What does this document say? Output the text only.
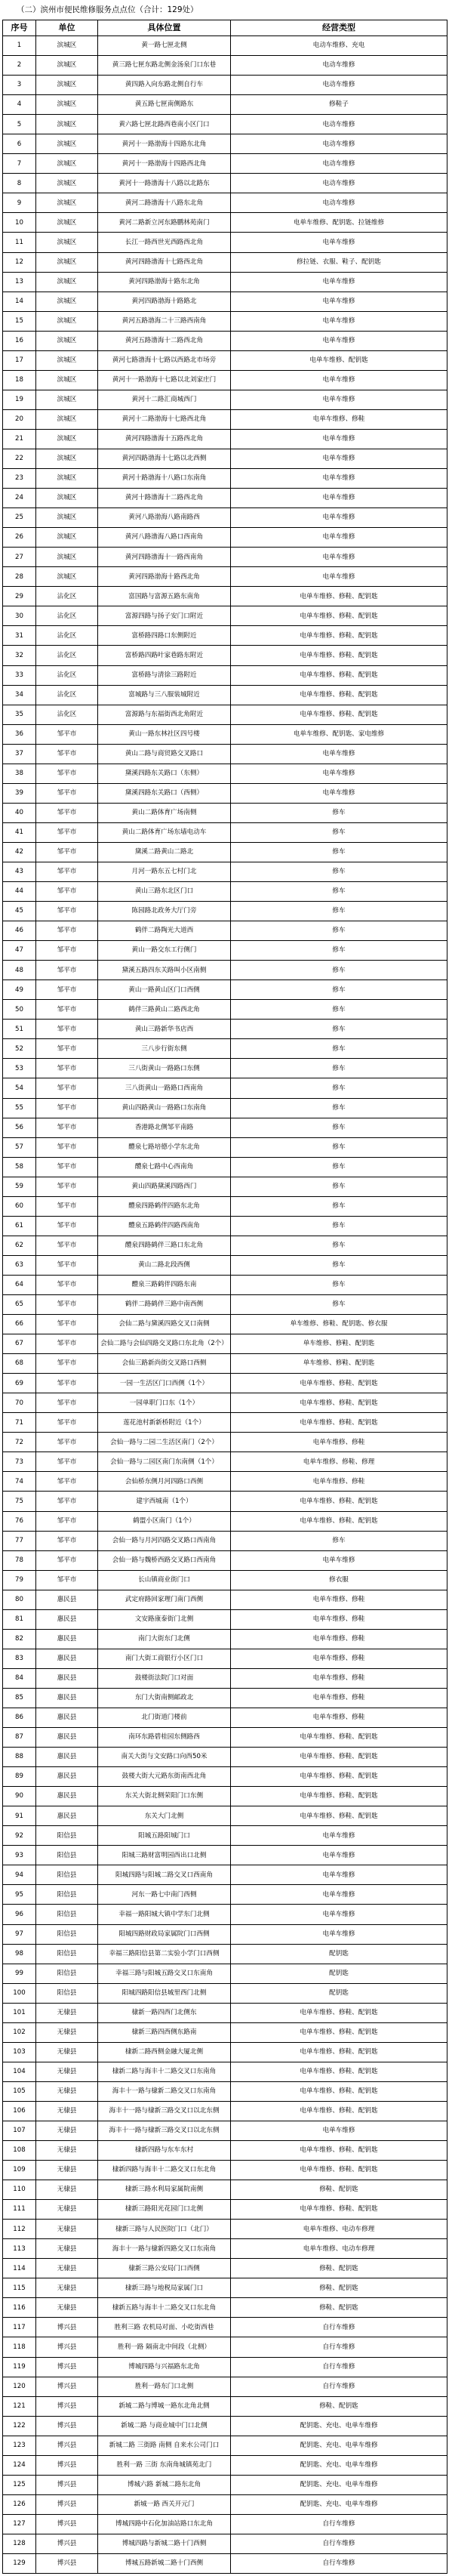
（二）滨州市便民维修服务点点位（合计：129处）
序号	单位	具体位置	经营类型
1	滨城区	黄一路七匣北侧	电动车维修、充电
2	滨城区	黄三路七匣东路北侧金汤泉门口东巷	电动车维修
3	滨城区	黄四路入向东路北侧自行车	电动车维修
4	滨城区	黄五路七匣南侧路东	修鞋子
5	滨城区	黄六路七匣北路西巷南小区门口	电动车维修
6	滨城区	黄河十一路渤海十四路东北角	电动车维修
7	滨城区	黄河十一路渤海十四路西北角	电动车维修
8	滨城区	黄河十一路渤海十八路以北路东	电动车维修
9	滨城区	黄河二路渤海十八路东北角	电动车维修
10	滨城区	黄河二路新立河东路鹏林苑南门	电单车维修、配钥匙、拉链维修
11	滨城区	长江一路西世光西路西北角	电单车维修
12	滨城区	黄河四路渤海十七路西北角	修拉链、衣服、鞋子、配钥匙
13	滨城区	黄河四路渤海十路东北角	电单车维修
14	滨城区	黄河四路渤海十路路北	电单车维修
15	滨城区	黄河五路渤海二十三路西南角	电单车维修
16	滨城区	黄河五路渤海十二路西北角	电单车维修
17	滨城区	黄河七路渤海十七路以西路北市场旁	电单车维修、配钥匙
18	滨城区	黄河十一路渤海十七路以北刘家庄门	电单车维修
19	滨城区	黄河十二路汇商城西门	电单车维修
20	滨城区	黄河十二路渤海十七路西北角	电单车维修、修鞋
21	滨城区	黄河四路渤海十五路西北角	电单车维修
22	滨城区	黄河四路渤海十七路以北西侧	电单车维修
23	滨城区	黄河十路渤海十八路口东南角	电单车维修
24	滨城区	黄河十路渤海十二路西北角	电单车维修
25	滨城区	黄河八路渤海八路南路西	电单车维修
26	滨城区	黄河八路渤海八路口西南角	电单车维修
27	滨城区	黄河四路渤海十一路西南角	电单车维修
28	滨城区	黄河四路渤海十路西北角	电单车维修
29	沾化区	富国路与富源五路东南角	电单车维修、修鞋、配钥匙
30	沾化区	富源四路与扬子安门口附近	电单车维修、修鞋、配钥匙
31	沾化区	富桥路四路口东侧附近	电单车维修、修鞋、配钥匙
32	沾化区	富桥路四路叶家巷路东附近	电单车维修、修鞋、配钥匙
33	沾化区	富桥路与清徐三路附近	电单车维修、修鞋、配钥匙
34	沾化区	富城路与三八服装城附近	电单车维修、修鞋、配钥匙
35	沾化区	富源路与东福街西北角附近	电单车维修、修鞋、配钥匙
36	邹平市	黄山一路东林社区四号楼	电单车维修、配钥匙、家电维修
37	邹平市	黄山二路与商贸路交叉路口	电单车维修
38	邹平市	黛溪四路东关路口（东侧）	电单车维修
39	邹平市	黛溪四路东关路口（西侧）	电单车维修
40	邹平市	黄山二路体育广场南侧	修车
41	邹平市	黄山二路体育广场东墙电动车	修车
42	邹平市	黛溪二路黄山二路北	修车
43	邹平市	月河一路东五七村门北	修车
44	邹平市	黄山三路东北区门口	修车
45	邹平市	陈园路北政务大厅门旁	修车
46	邹平市	鹤伴二路陶光大道西	修车
47	邹平市	黄山一路交东工行侧门	修车
48	邹平市	黛溪五路四东关路叫小区南侧	修车
49	邹平市	黄山一路黄山区门口西侧	修车
50	邹平市	鹤伴三路黄山二路西北角	修车
51	邹平市	黄山三路新华书店西	修车
52	邹平市	三八步行街东侧	修车
53	邹平市	三八街黄山一路路口东侧	修车
54	邹平市	三八街黄山一路路口西南角	修车
55	邹平市	黄山四路黄山一路路口东南角	修车
56	邹平市	香港路北侧邹平南路	修车
57	邹平市	醴泉七路培德小学东北角	修车
58	邹平市	醴泉七路中心西南角	修车
59	邹平市	黄山四路黛溪四路西门	修车
60	邹平市	醴泉四路鹤伴四路东北角	修车
61	邹平市	醴泉五路鹤伴四路西南角	修车
62	邹平市	醴泉四路鹤伴三路口东北角	修车
63	邹平市	黄山二路北段西侧	修车
64	邹平市	醴泉三路鹤伴四路东南	修车
65	邹平市	鹤伴二路鹤伴三路中南西侧	修车
66	邹平市	会仙二路与黛溪四路交叉口南侧	单车维修、修鞋、配钥匙、修衣服
67	邹平市	会仙二路与会仙四路交叉路口东北角（2个）	单车维修、修鞋、配钥匙
68	邹平市	会仙三路新尚街交叉路口西侧	单车维修、修鞋、配钥匙
69	邹平市	一园一生活区门口西侧（1个）	电单车维修、修鞋、配钥匙
70	邹平市	一园单职门口东（1个）	电单车维修、修鞋、配钥匙
71	邹平市	莲花池村新新桥附近（1个）	电单车维修、修鞋、配钥匙
72	邹平市	会仙一路与二园二生活区南门（2个）	电单车维修、修鞋
73	邹平市	会仙一路与二园区南门东南侧（1个）	电单车维修、修鞋、修理
74	邹平市	会仙桥东侧月河四路口西侧	电单车维修、修鞋
75	邹平市	建宇西城南（1个）	电单车维修、修鞋、配钥匙
76	邹平市	鹤盟小区南门（1个）	电单车维修、修鞋、配钥匙
77	邹平市	会仙一路与月河四路交叉路口西南角	修车
78	邹平市	会仙一路与魏桥西路交叉路口西南角	电单车维修
79	邹平市	长山镇商业街门口	修衣服
80	惠民县	武定府路回家理门南门西侧	电单车维修、修鞋
81	惠民县	文安路康泰街门北侧	电单车维修、修鞋
82	惠民县	南门大街东门北侧	电单车维修、修鞋
83	惠民县	南门大街工商银行小区门口	电单车维修、修鞋
84	惠民县	鼓楼街法院门口对面	电单车维修、修鞋
85	惠民县	东门大街南侧邮政北	电单车维修、修鞋
86	惠民县	北门街道门楼前	电单车维修、修鞋
87	惠民县	南环东路碧桂园东侧路西	电单车维修、修鞋、配钥匙
88	惠民县	南关大街与文安路口向西50米	电单车维修、修鞋、配钥匙
89	惠民县	鼓楼大街大元路东街南西北角	电单车维修、修鞋、配钥匙
90	惠民县	东关大街北侧荣阳门口东侧	电单车维修、修鞋、配钥匙
91	惠民县	东关大门北侧	电单车维修、修鞋、配钥匙
92	阳信县	阳城五路阳城门口	电单车维修
93	阳信县	阳城三路财富明园西出口北侧	电单车维修
94	阳信县	阳城四路与阳城二路交叉口西南角	电单车维修
95	阳信县	河东一路七中南门西侧	电单车维修
96	阳信县	幸福一路阳城大镇中学东门北侧	电单车维修
97	阳信县	阳城四路财政局家属院门口西侧	电单车维修
98	阳信县	幸福三路阳信县第二实验小学门口西侧	配钥匙
99	阳信县	幸福三路与阳城五路交叉口东南角	配钥匙
100	阳信县	阳城四路阳信县城里西门北侧	配钥匙
101	无棣县	棣新一路四西门北侧东	电单车维修、修鞋、配钥匙
102	无棣县	棣新三路四西侧东路南	电单车维修、修鞋、配钥匙
103	无棣县	棣新二路西侧金融大厦北侧	电单车维修、修鞋、配钥匙
104	无棣县	棣新二路与海丰十二路交叉口东南角	电单车维修、修鞋、配钥匙
105	无棣县	海丰十一路与棣新二路交叉口东南角	电单车维修、修鞋、配钥匙
106	无棣县	海丰十一路与棣新三路交叉口以北东侧	电单车维修、修鞋、配钥匙
107	无棣县	海丰十一路与棣新三路交叉口以北东侧	电单车维修
108	无棣县	棣新四路与东车东村	电单车维修、修鞋、配钥匙
109	无棣县	棣新四路与海丰十二路交叉口东北角	电单车维修、修鞋、配钥匙
110	无棣县	棣新三路水利局家属院南侧	修鞋、配钥匙
111	无棣县	棣新三路阳光花园门口北侧	电单车维修、修鞋、配钥匙
112	无棣县	棣新三路与人民医院门口（北门）	电单车维修、电动车修理
113	无棣县	海丰十一路与棣新四路交叉口东南角	电单车维修、电动车修理
114	无棣县	棣新三路公安局门口西侧	修鞋、配钥匙
115	无棣县	棣新三路与地税局家属门口	修鞋、配钥匙
116	无棣县	棣新五路与海丰十二路交叉口东北角	修鞋、配钥匙
117	博兴县	胜利三路 农机局对面、小吃街西巷	自行车维修
118	博兴县	胜利一路 隔南北中间段（北侧）	自行车维修
119	博兴县	博城四路与兴福路东北角	自行车维修
120	博兴县	胜利一路东门口北侧	自行车维修
121	博兴县	新城二路与博城一路东北角北侧	修鞋、配钥匙
122	博兴县	新城二路 与商业城中门口北侧	配钥匙、充电、电单车维修
123	博兴县	新城二路 三街路 南侧 自来水公司门口	配钥匙、充电、电单车维修
124	博兴县	胜利一路 三街 东南角城镇苑北门	配钥匙、充电、电单车维修
125	博兴县	博城六路 新城二路东北角	配钥匙、充电、电单车维修
126	博兴县	新城一路 西关开元门	配钥匙、充电、电单车维修
127	博兴县	博城四路中石化加油站路口东北角	自行车维修
128	博兴县	博城四路与新城二路十门西侧	自行车维修
129	博兴县	博城五路新城二路十门西侧	自行车维修
